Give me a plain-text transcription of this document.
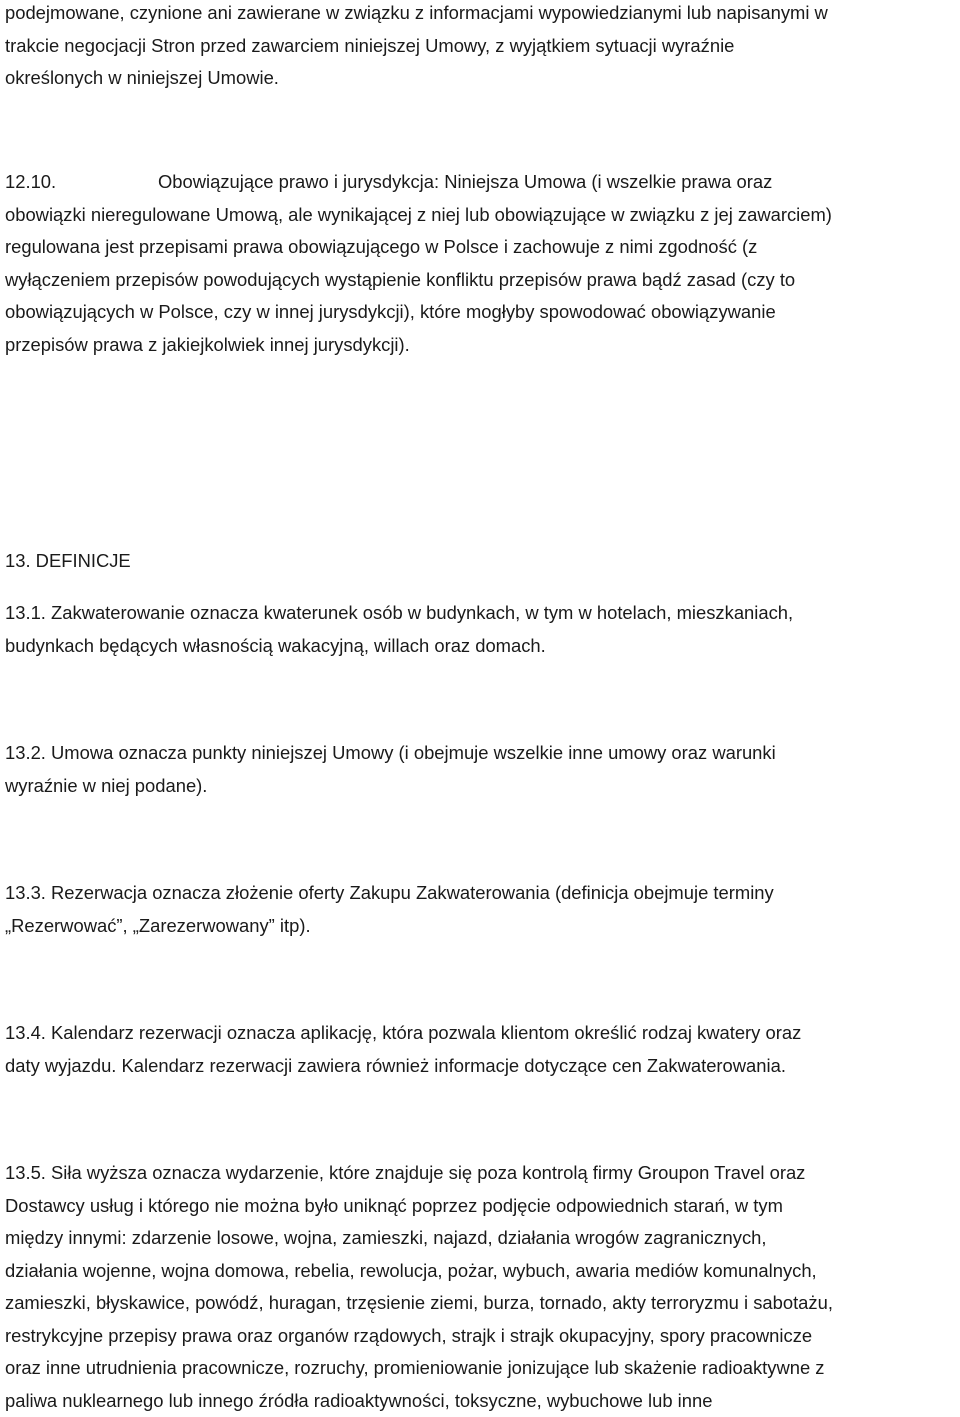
podejmowane, czynione ani zawierane w związku z informacjami wypowiedzianymi lub napisanymi w
trakcie negocjacji Stron przed zawarciem niniejszej Umowy, z wyjątkiem sytuacji wyraźnie
określonych w niniejszej Umowie.
12.10.	Obowiązujące prawo i jurysdykcja: Niniejsza Umowa (i wszelkie prawa oraz
obowiązki nieregulowane Umową, ale wynikającej z niej lub obowiązujące w związku z jej zawarciem)
regulowana jest przepisami prawa obowiązującego w Polsce i zachowuje z nimi zgodność (z
wyłączeniem przepisów powodujących wystąpienie konfliktu przepisów prawa bądź zasad (czy to
obowiązujących w Polsce, czy w innej jurysdykcji), które mogłyby spowodować obowiązywanie
przepisów prawa z jakiejkolwiek innej jurysdykcji).
13. DEFINICJE
13.1. Zakwaterowanie oznacza kwaterunek osób w budynkach, w tym w hotelach, mieszkaniach,
budynkach będących własnością wakacyjną, willach oraz domach.
13.2. Umowa oznacza punkty niniejszej Umowy (i obejmuje wszelkie inne umowy oraz warunki
wyraźnie w niej podane).
13.3. Rezerwacja oznacza złożenie oferty Zakupu Zakwaterowania (definicja obejmuje terminy
„Rezerwować”, „Zarezerwowany” itp).
13.4. Kalendarz rezerwacji oznacza aplikację, która pozwala klientom określić rodzaj kwatery oraz
daty wyjazdu. Kalendarz rezerwacji zawiera również informacje dotyczące cen Zakwaterowania.
13.5. Siła wyższa oznacza wydarzenie, które znajduje się poza kontrolą firmy Groupon Travel oraz
Dostawcy usług i którego nie można było uniknąć poprzez podjęcie odpowiednich starań, w tym
między innymi: zdarzenie losowe, wojna, zamieszki, najazd, działania wrogów zagranicznych,
działania wojenne, wojna domowa, rebelia, rewolucja, pożar, wybuch, awaria mediów komunalnych,
zamieszki, błyskawice, powódź, huragan, trzęsienie ziemi, burza, tornado, akty terroryzmu i sabotażu,
restrykcyjne przepisy prawa oraz organów rządowych, strajk i strajk okupacyjny, spory pracownicze
oraz inne utrudnienia pracownicze, rozruchy, promieniowanie jonizujące lub skażenie radioaktywne z
paliwa nuklearnego lub innego źródła radioaktywności, toksyczne, wybuchowe lub inne
